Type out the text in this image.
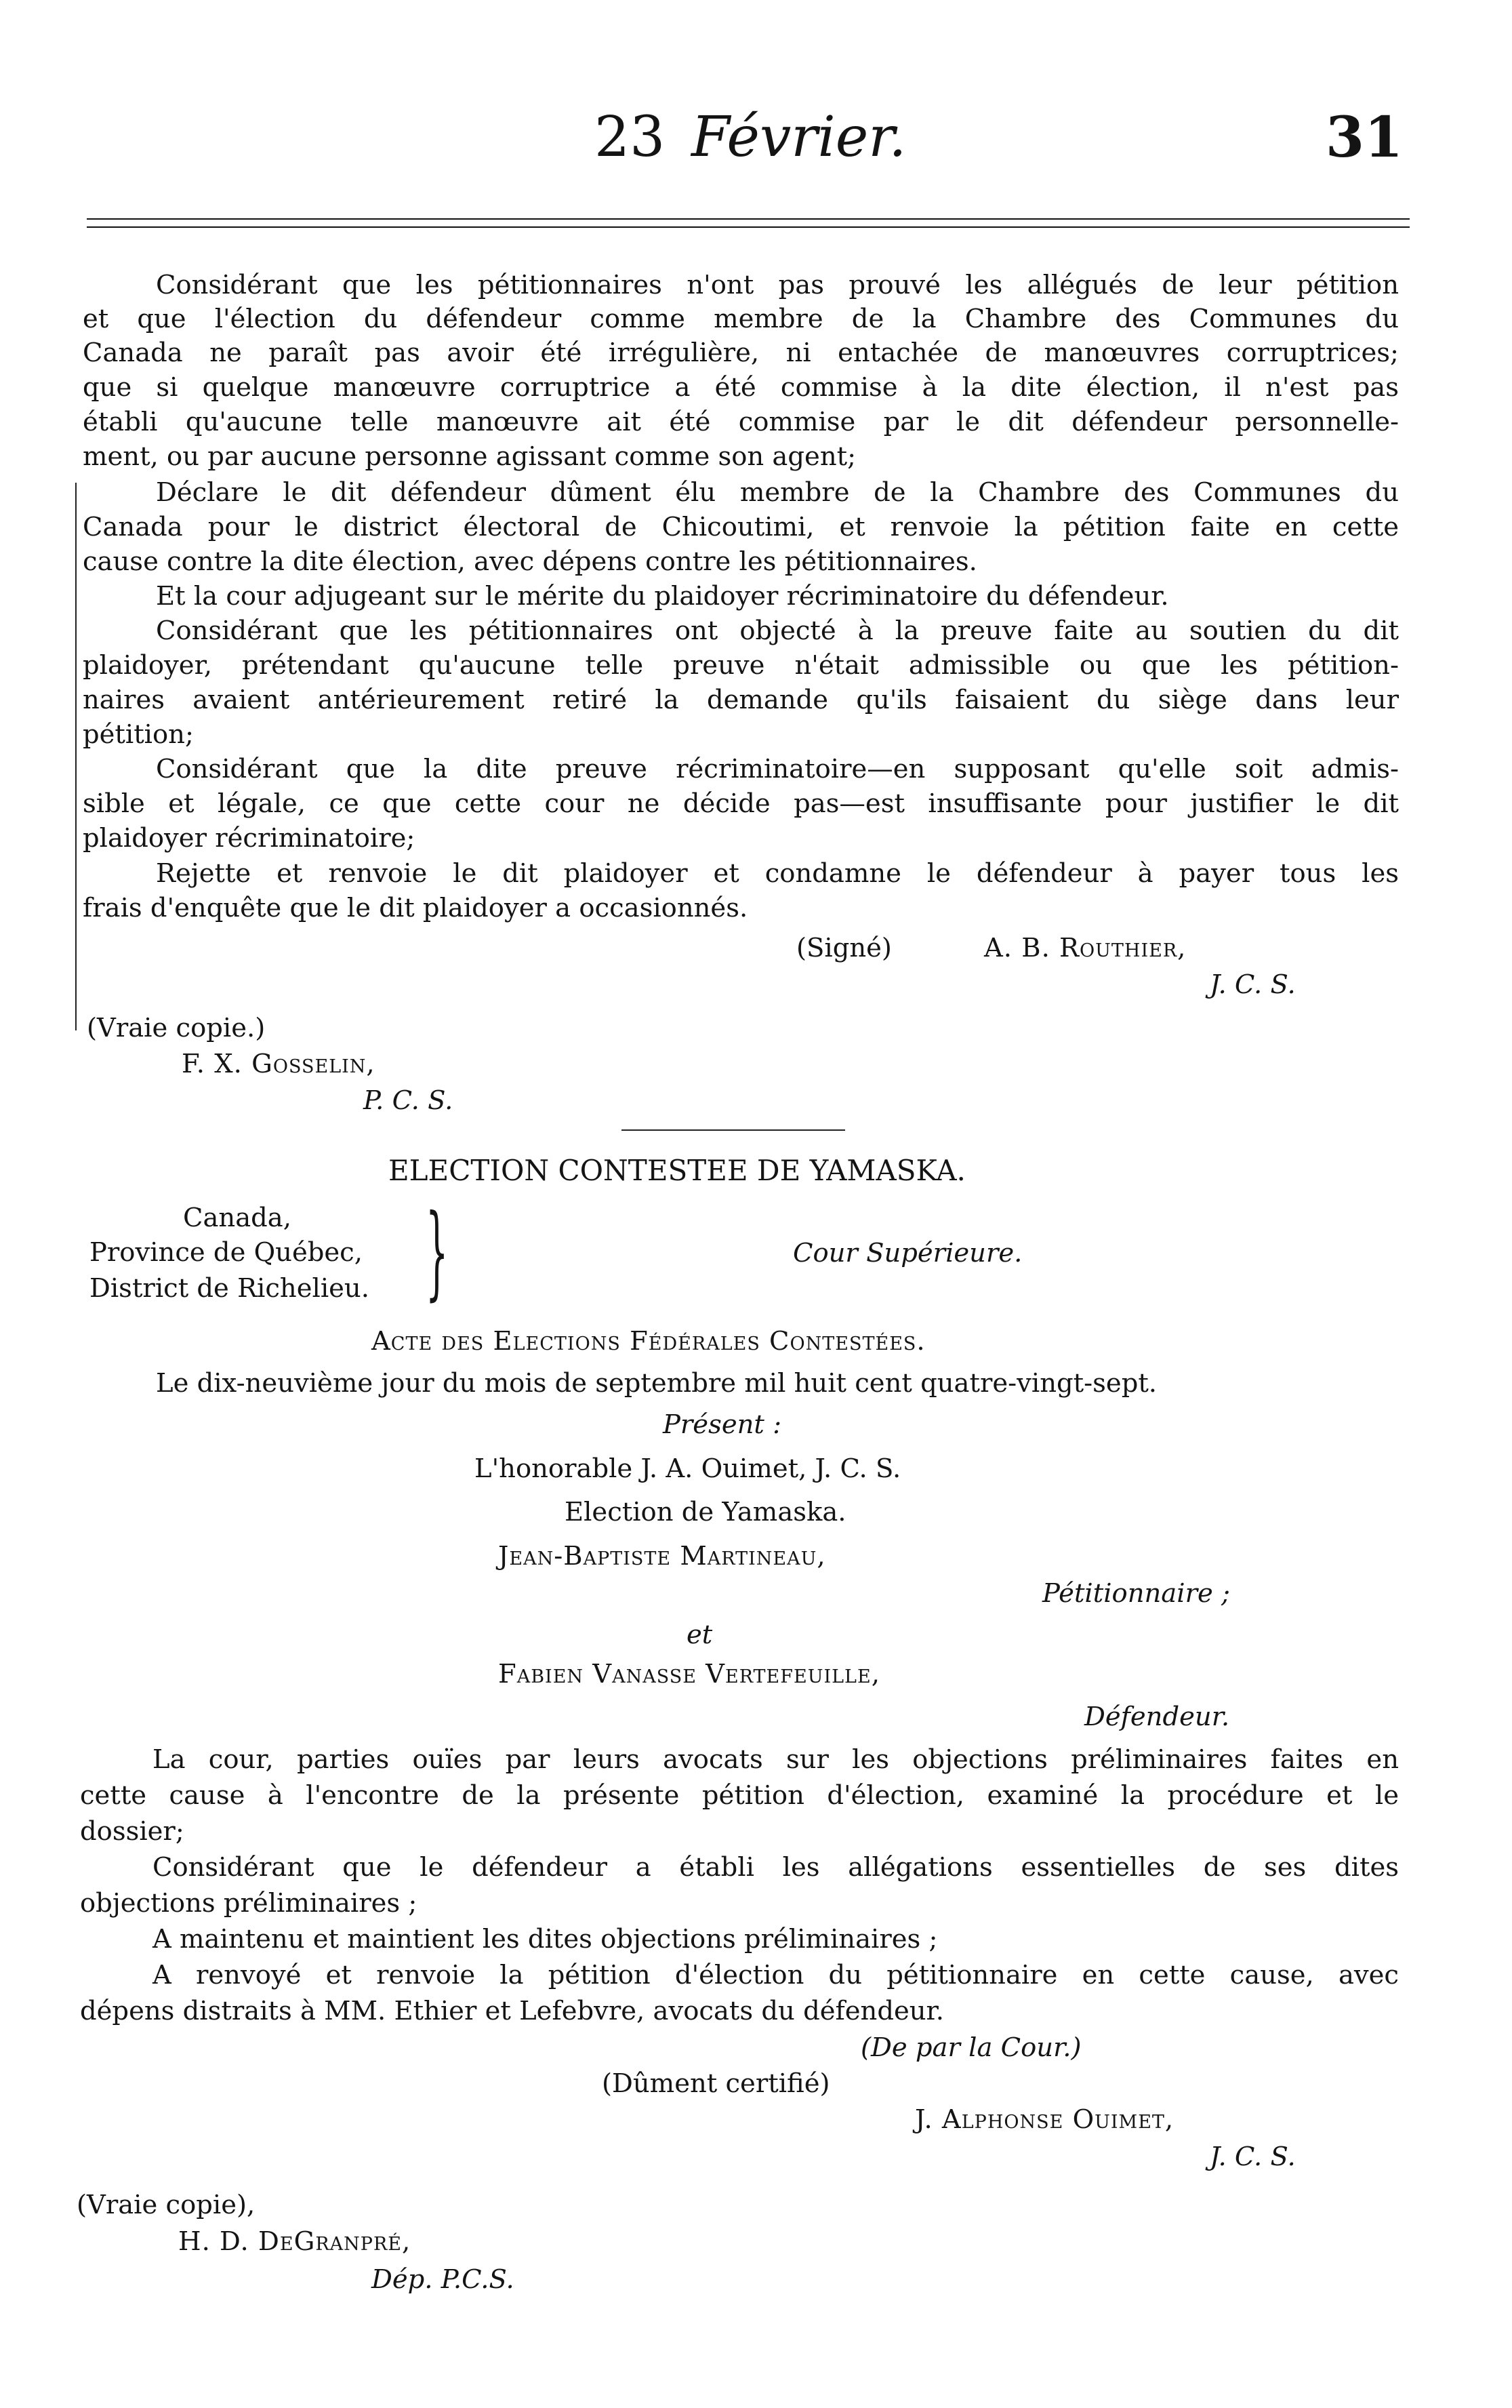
23 Février.	31
Considérant que les pétitionnaires n'ont pas prouvé les allégués de leur pétition
et que l'élection du défendeur comme membre de la Chambre des Communes du
Canada ne paraît pas avoir été irrégulière, ni entachée de manœuvres corruptrices;
que si quelque manœuvre corruptrice a été commise à la dite élection, il n'est pas
établi qu'aucune telle manœuvre ait été commise par le dit défendeur personnelle-
ment, ou par aucune personne agissant comme son agent;
Déclare le dit défendeur dûment élu membre de la Chambre des Communes du
Canada pour le district électoral de Chicoutimi, et renvoie la pétition faite en cette
cause contre la dite élection, avec dépens contre les pétitionnaires.
Et la cour adjugeant sur le mérite du plaidoyer récriminatoire du défendeur.
Considérant que les pétitionnaires ont objecté à la preuve faite au soutien du dit
plaidoyer, prétendant qu'aucune telle preuve n'était admissible ou que les pétition-
naires avaient antérieurement retiré la demande qu'ils faisaient du siège dans leur
pétition;
Considérant que la dite preuve récriminatoire—en supposant qu'elle soit admis-
sible et légale, ce que cette cour ne décide pas—est insuffisante pour justifier le dit
plaidoyer récriminatoire;
Rejette et renvoie le dit plaidoyer et condamne le défendeur à payer tous les
frais d'enquête que le dit plaidoyer a occasionnés.
(Signé)	A. B. Routhier,
J. C. S.
(Vraie copie.)
F. X. Gosselin,
P. C. S.
ELECTION CONTESTEE DE YAMASKA.
Canada,
Province de Québec,
District de Richelieu. }	Cour Supérieure.
Acte des Elections Fédérales Contestées.
Le dix-neuvième jour du mois de septembre mil huit cent quatre-vingt-sept.
Présent :
L'honorable J. A. Ouimet, J. C. S.
Election de Yamaska.
Jean-Baptiste Martineau,
Pétitionnaire ;
et
Fabien Vanasse Vertefeuille,
Défendeur.
La cour, parties ouïes par leurs avocats sur les objections préliminaires faites en
cette cause à l'encontre de la présente pétition d'élection, examiné la procédure et le
dossier;
Considérant que le défendeur a établi les allégations essentielles de ses dites
objections préliminaires ;
A maintenu et maintient les dites objections préliminaires ;
A renvoyé et renvoie la pétition d'élection du pétitionnaire en cette cause, avec
dépens distraits à MM. Ethier et Lefebvre, avocats du défendeur.
(De par la Cour.)
(Dûment certifié)
J. Alphonse Ouimet,
J. C. S.
(Vraie copie),
H. D. DeGranpré,
Dép. P.C.S.
